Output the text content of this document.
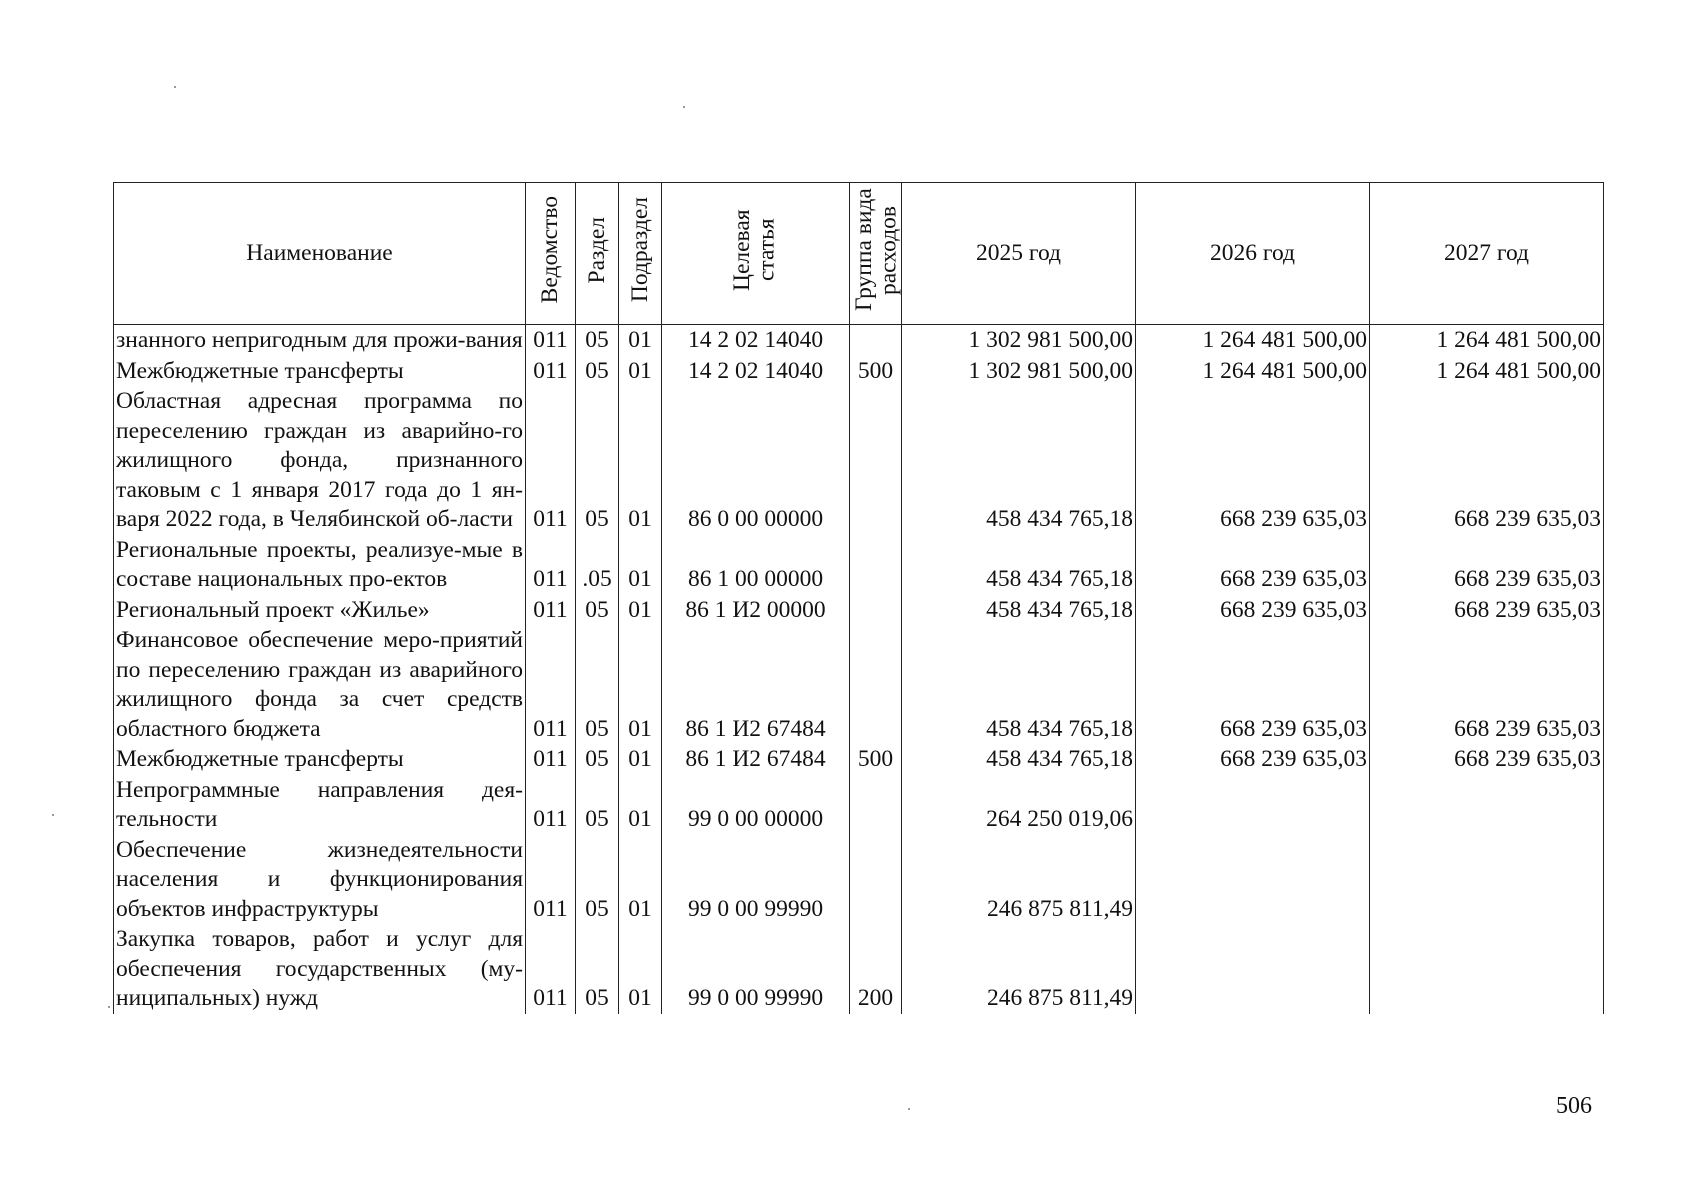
Наименование	Ведомство	Раздел	Подраздел	Целевая статья	Группа вида расходов	2025 год	2026 год	2027 год
знанного непригодным для прожи-вания	011	05	01	14 2 02 14040		1 302 981 500,00	1 264 481 500,00	1 264 481 500,00
Межбюджетные трансферты	011	05	01	14 2 02 14040	500	1 302 981 500,00	1 264 481 500,00	1 264 481 500,00
Областная адресная программа по переселению граждан из аварийно-го жилищного фонда, признанного таковым с 1 января 2017 года до 1 ян-варя 2022 года, в Челябинской об-ласти	011	05	01	86 0 00 00000		458 434 765,18	668 239 635,03	668 239 635,03
Региональные проекты, реализуе-мые в составе национальных про-ектов	011	.05	01	86 1 00 00000		458 434 765,18	668 239 635,03	668 239 635,03
Региональный проект «Жилье»	011	05	01	86 1 И2 00000		458 434 765,18	668 239 635,03	668 239 635,03
Финансовое обеспечение меро-приятий по переселению граждан из аварийного жилищного фонда за счет средств областного бюджета	011	05	01	86 1 И2 67484		458 434 765,18	668 239 635,03	668 239 635,03
Межбюджетные трансферты	011	05	01	86 1 И2 67484	500	458 434 765,18	668 239 635,03	668 239 635,03
Непрограммные направления дея-тельности	011	05	01	99 0 00 00000		264 250 019,06		
Обеспечение жизнедеятельности населения и функционирования объектов инфраструктуры	011	05	01	99 0 00 99990		246 875 811,49		
Закупка товаров, работ и услуг для обеспечения государственных (му-ниципальных) нужд	011	05	01	99 0 00 99990	200	246 875 811,49		
506
